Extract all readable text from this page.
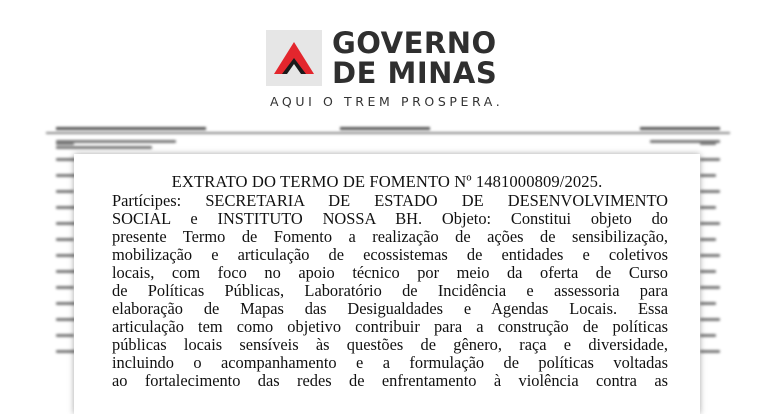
GOVERNO
DE MINAS
AQUI O TREM PROSPERA.
EXTRATO DO TERMO DE FOMENTO Nº 1481000809/2025.
Partícipes: SECRETARIA DE ESTADO DE DESENVOLVIMENTO
SOCIAL e INSTITUTO NOSSA BH. Objeto: Constitui objeto do
presente Termo de Fomento a realização de ações de sensibilização,
mobilização e articulação de ecossistemas de entidades e coletivos
locais, com foco no apoio técnico por meio da oferta de Curso
de Políticas Públicas, Laboratório de Incidência e assessoria para
elaboração de Mapas das Desigualdades e Agendas Locais. Essa
articulação tem como objetivo contribuir para a construção de políticas
públicas locais sensíveis às questões de gênero, raça e diversidade,
incluindo o acompanhamento e a formulação de políticas voltadas
ao fortalecimento das redes de enfrentamento à violência contra as
